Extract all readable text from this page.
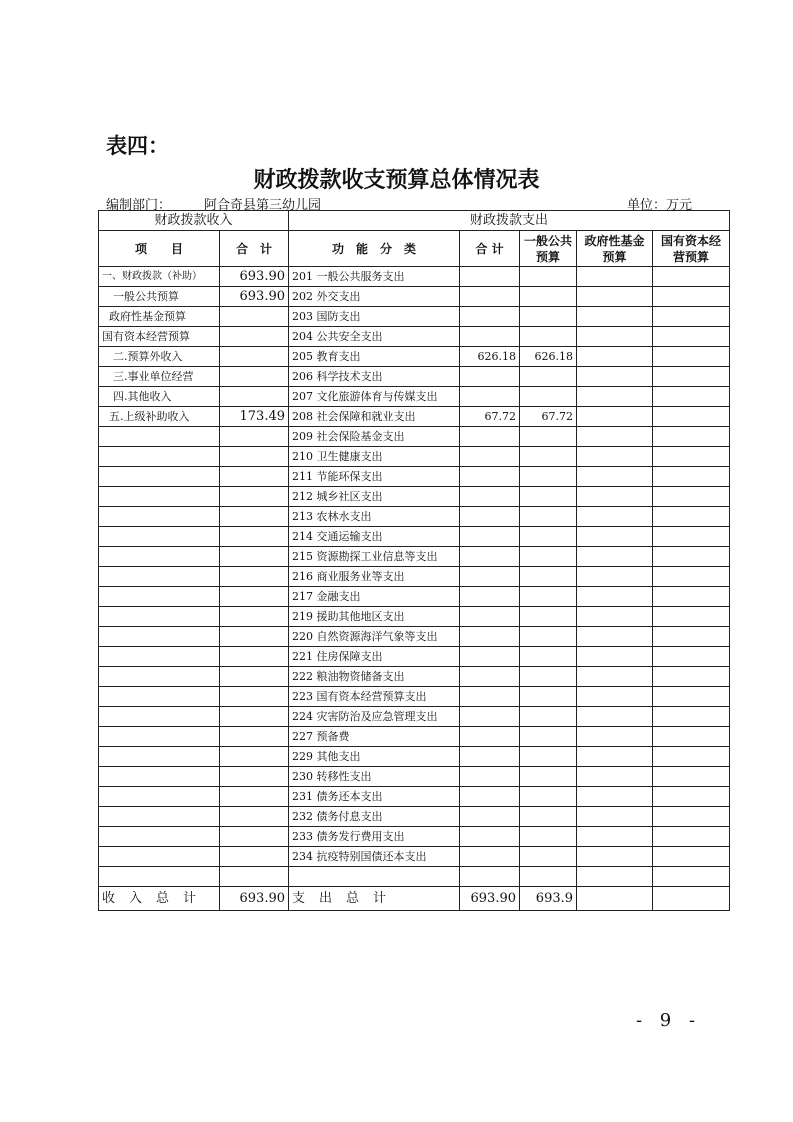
表四：
财政拨款收支预算总体情况表
编制部门：	阿合奇县第三幼儿园	单位：万元
财政拨款收入		财政拨款支出				
项　　目	合　计	功　能　分　类	合 计	一般公共预算	政府性基金预算	国有资本经营预算
一、财政拨款（补助）	693.90	201 一般公共服务支出				
一般公共预算	693.90	202 外交支出				
政府性基金预算		203 国防支出				
国有资本经营预算		204 公共安全支出				
二.预算外收入		205 教育支出	626.18	626.18		
三.事业单位经营		206 科学技术支出				
四.其他收入		207 文化旅游体育与传媒支出				
五.上级补助收入	173.49	208 社会保障和就业支出	67.72	67.72		
		209 社会保险基金支出				
		210 卫生健康支出				
		211 节能环保支出				
		212 城乡社区支出				
		213 农林水支出				
		214 交通运输支出				
		215 资源勘探工业信息等支出				
		216 商业服务业等支出				
		217 金融支出				
		219 援助其他地区支出				
		220 自然资源海洋气象等支出				
		221 住房保障支出				
		222 粮油物资储备支出				
		223 国有资本经营预算支出				
		224 灾害防治及应急管理支出				
		227 预备费				
		229 其他支出				
		230 转移性支出				
		231 债务还本支出				
		232 债务付息支出				
		233 债务发行费用支出				
		234 抗疫特别国债还本支出				

收入总计	693.90	支出总计	693.90	693.9		
- 9 -
